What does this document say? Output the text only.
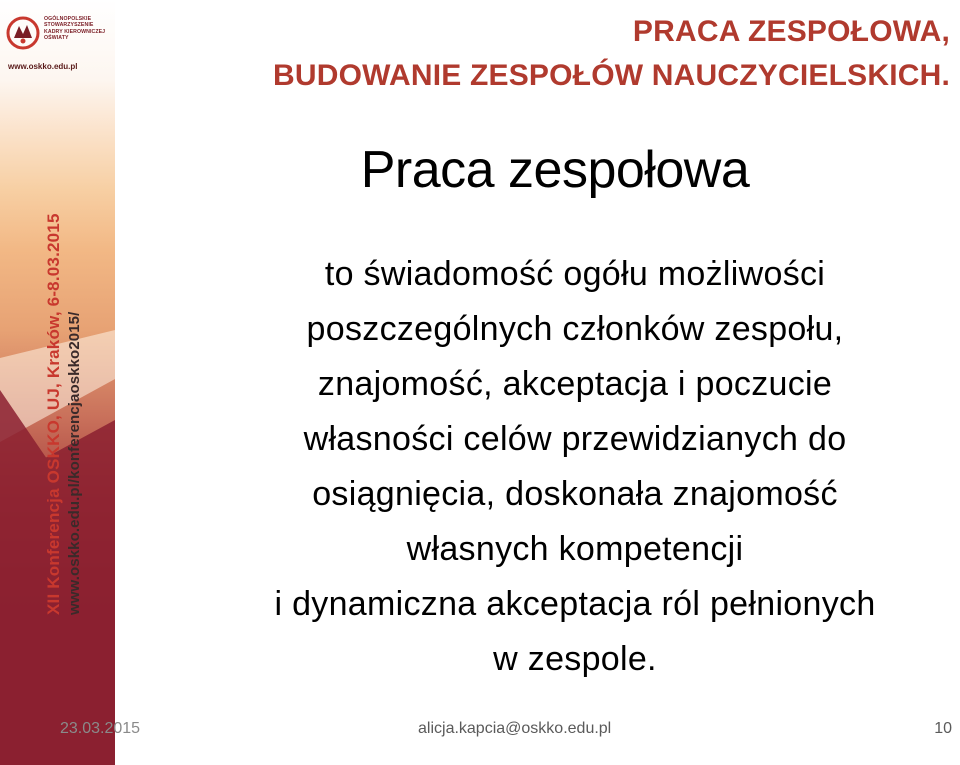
OGÓLNOPOLSKIE STOWARZYSZENIE KADRY KIEROWNICZEJ OŚWIATY
www.oskko.edu.pl
XII Konferencja OSKKO, UJ, Kraków, 6-8.03.2015 www.oskko.edu.pl/konferencjaoskko2015/
PRACA ZESPOŁOWA,
BUDOWANIE ZESPOŁÓW NAUCZYCIELSKICH.
Praca zespołowa
to świadomość ogółu możliwości
poszczególnych członków zespołu,
znajomość, akceptacja i poczucie
własności celów przewidzianych do
osiągnięcia, doskonała znajomość
własnych kompetencji
i dynamiczna akceptacja ról pełnionych
w zespole.
23.03.2015	alicja.kapcia@oskko.edu.pl	10
